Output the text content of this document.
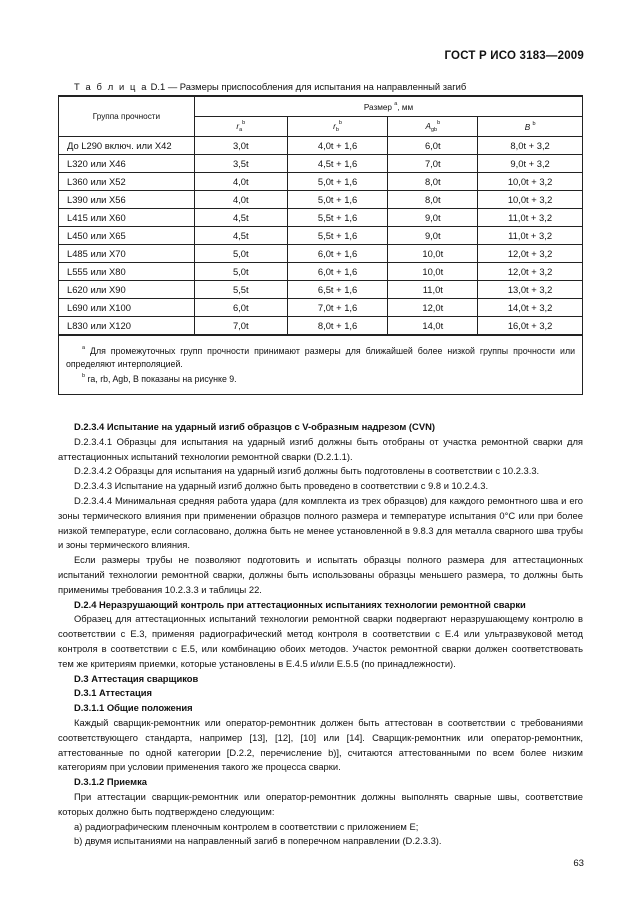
ГОСТ Р ИСО 3183—2009
Т а б л и ц а D.1 — Размеры приспособления для испытания на направленный загиб
Группа прочности	Размер $^а$, мм			
	$r_a^b$	$r_b^b$	$A_{gb}^b$	B $^b$
До L290 включ. или X42	3,0t	4,0t + 1,6	6,0t	8,0t + 3,2
L320 или X46	3,5t	4,5t + 1,6	7,0t	9,0t + 3,2
L360 или X52	4,0t	5,0t + 1,6	8,0t	10,0t + 3,2
L390 или X56	4,0t	5,0t + 1,6	8,0t	10,0t + 3,2
L415 или X60	4,5t	5,5t + 1,6	9,0t	11,0t + 3,2
L450 или X65	4,5t	5,5t + 1,6	9,0t	11,0t + 3,2
L485 или X70	5,0t	6,0t + 1,6	10,0t	12,0t + 3,2
L555 или X80	5,0t	6,0t + 1,6	10,0t	12,0t + 3,2
L620 или X90	5,5t	6,5t + 1,6	11,0t	13,0t + 3,2
L690 или X100	6,0t	7,0t + 1,6	12,0t	14,0t + 3,2
L830 или X120	7,0t	8,0t + 1,6	14,0t	16,0t + 3,2

$^a$ Для промежуточных групп прочности принимают размеры для ближайшей более низкой группы прочности или определяют интерполяцией.

$^b$ ra, rb, Agb, B показаны на рисунке 9.				

D.2.3.4 Испытание на ударный изгиб образцов с V-образным надрезом (CVN)

D.2.3.4.1 Образцы для испытания на ударный изгиб должны быть отобраны от участка ремонтной сварки для аттестационных испытаний технологии ремонтной сварки (D.2.1.1).

D.2.3.4.2 Образцы для испытания на ударный изгиб должны быть подготовлены в соответствии с 10.2.3.3.

D.2.3.4.3 Испытание на ударный изгиб должно быть проведено в соответствии с 9.8 и 10.2.4.3.

D.2.3.4.4 Минимальная средняя работа удара (для комплекта из трех образцов) для каждого ремонтного шва и его зоны термического влияния при применении образцов полного размера и температуре испытания 0°С или при более низкой температуре, если согласовано, должна быть не менее установленной в 9.8.3 для металла сварного шва трубы и зоны термического влияния.

Если размеры трубы не позволяют подготовить и испытать образцы полного размера для аттестационных испытаний технологии ремонтной сварки, должны быть использованы образцы меньшего размера, то должны быть применимы требования 10.2.3.3 и таблицы 22.

D.2.4 Неразрушающий контроль при аттестационных испытаниях технологии ремонтной сварки

Образец для аттестационных испытаний технологии ремонтной сварки подвергают неразрушающему контролю в соответствии с Е.3, применяя радиографический метод контроля в соответствии с Е.4 или ультразвуковой метод контроля в соответствии с Е.5, или комбинацию обоих методов. Участок ремонтной сварки должен соответствовать тем же критериям приемки, которые установлены в Е.4.5 и/или Е.5.5 (по принадлежности).

D.3 Аттестация сварщиков

D.3.1 Аттестация

D.3.1.1 Общие положения

Каждый сварщик-ремонтник или оператор-ремонтник должен быть аттестован в соответствии с требованиями соответствующего стандарта, например [13], [12], [10] или [14]. Сварщик-ремонтник или оператор-ремонтник, аттестованные по одной категории [D.2.2, перечисление b)], считаются аттестованными по всем более низким категориям при условии применения такого же процесса сварки.

D.3.1.2 Приемка

При аттестации сварщик-ремонтник или оператор-ремонтник должны выполнять сварные швы, соответствие которых должно быть подтверждено следующим:

а) радиографическим пленочным контролем в соответствии с приложением Е;

b) двумя испытаниями на направленный загиб в поперечном направлении (D.2.3.3).

63
